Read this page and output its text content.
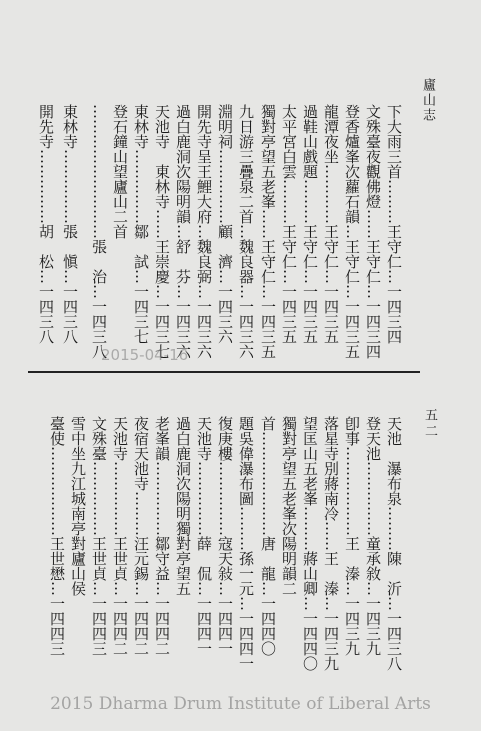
廬山志
五二
下大雨三首………王守仁…一四三四
文殊臺夜觀佛燈……王守仁…一四三四
登香爐峯次蘿石韻…王守仁…一四三五
龍潭夜坐…………王守仁…一四三五
過鞋山戲題………王守仁…一四三五
太平宮白雲………王守仁…一四三五
獨對亭望五老峯……王守仁…一四三五
九日游三疊泉二首…魏良器…一四三六
淵明祠……………顧　濟…一四三六
開先寺呈王鯉大府…魏良弼…一四三六
過白鹿洞次陽明韻…舒　芬…一四三六
天池寺　東林寺……王崇慶…一四三七
東林寺……………鄒　試…一四三七
登石鐘山望廬山二首
………………………張　治…一四三八
東林寺……………張　愼…一四三八
開先寺……………胡　松…一四三八
2015-04-16
天池　瀑布泉………陳　沂…一四三八
登天池……………童承敘…一四三九
卽事………………王　溱…一四三九
落星寺別蔣南冷……王　溱…一四三九
望匡山五老峯………蔣山卿…一四四〇
獨對亭望五老峯次陽明韻二
首…………………唐　龍…一四四〇
題吳偉瀑布圖………孫一元…一四四一
復庚樓……………寇天敍…一四四一
天池寺……………薛　侃…一四四一
過白鹿洞次陽明獨對亭望五
老峯韻……………鄒守益…一四四二
夜宿天池寺………汪元錫…一四四二
天池寺……………王世貞…一四四二
文殊臺……………王世貞…一四四三
雪中坐九江城南亭對廬山侯
臺使………………王世懋…一四四三
2015 Dharma Drum Institute of Liberal Arts
